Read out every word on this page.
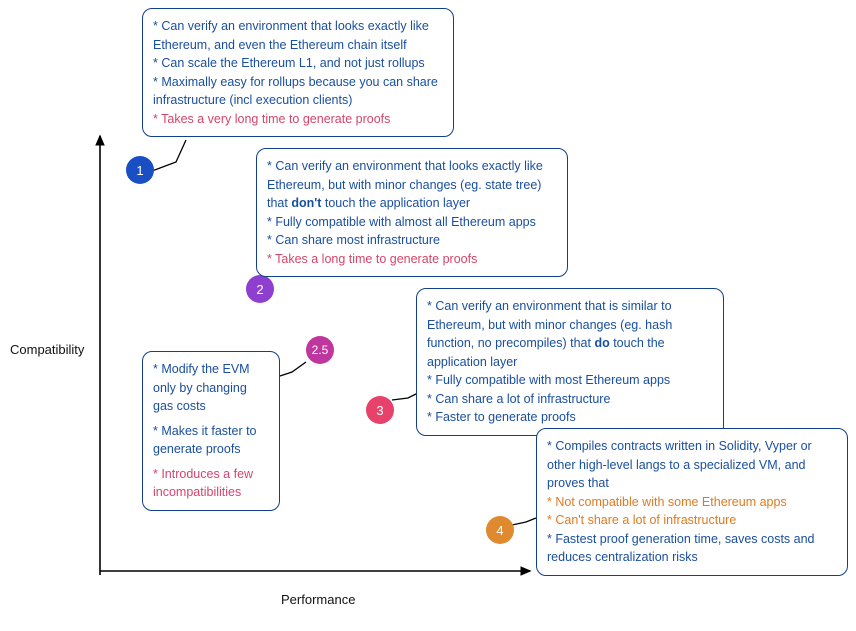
Compatibility
Performance
1
2
2.5
3
4

* Can verify an environment that looks exactly like Ethereum, and even the Ethereum chain itself

* Can scale the Ethereum L1, and not just rollups

* Maximally easy for rollups because you can share infrastructure (incl execution clients)

* Takes a very long time to generate proofs

* Can verify an environment that looks exactly like Ethereum, but with minor changes (eg. state tree) that don't touch the application layer

* Fully compatible with almost all Ethereum apps

* Can share most infrastructure

* Takes a long time to generate proofs

* Modify the EVM only by changing gas costs

* Makes it faster to generate proofs

* Introduces a few incompatibilities

* Can verify an environment that is similar to Ethereum, but with minor changes (eg. hash function, no precompiles) that do touch the application layer

* Fully compatible with most Ethereum apps

* Can share a lot of infrastructure

* Faster to generate proofs

* Compiles contracts written in Solidity, Vyper or other high-level langs to a specialized VM, and proves that

* Not compatible with some Ethereum apps

* Can't share a lot of infrastructure

* Fastest proof generation time, saves costs and reduces centralization risks
